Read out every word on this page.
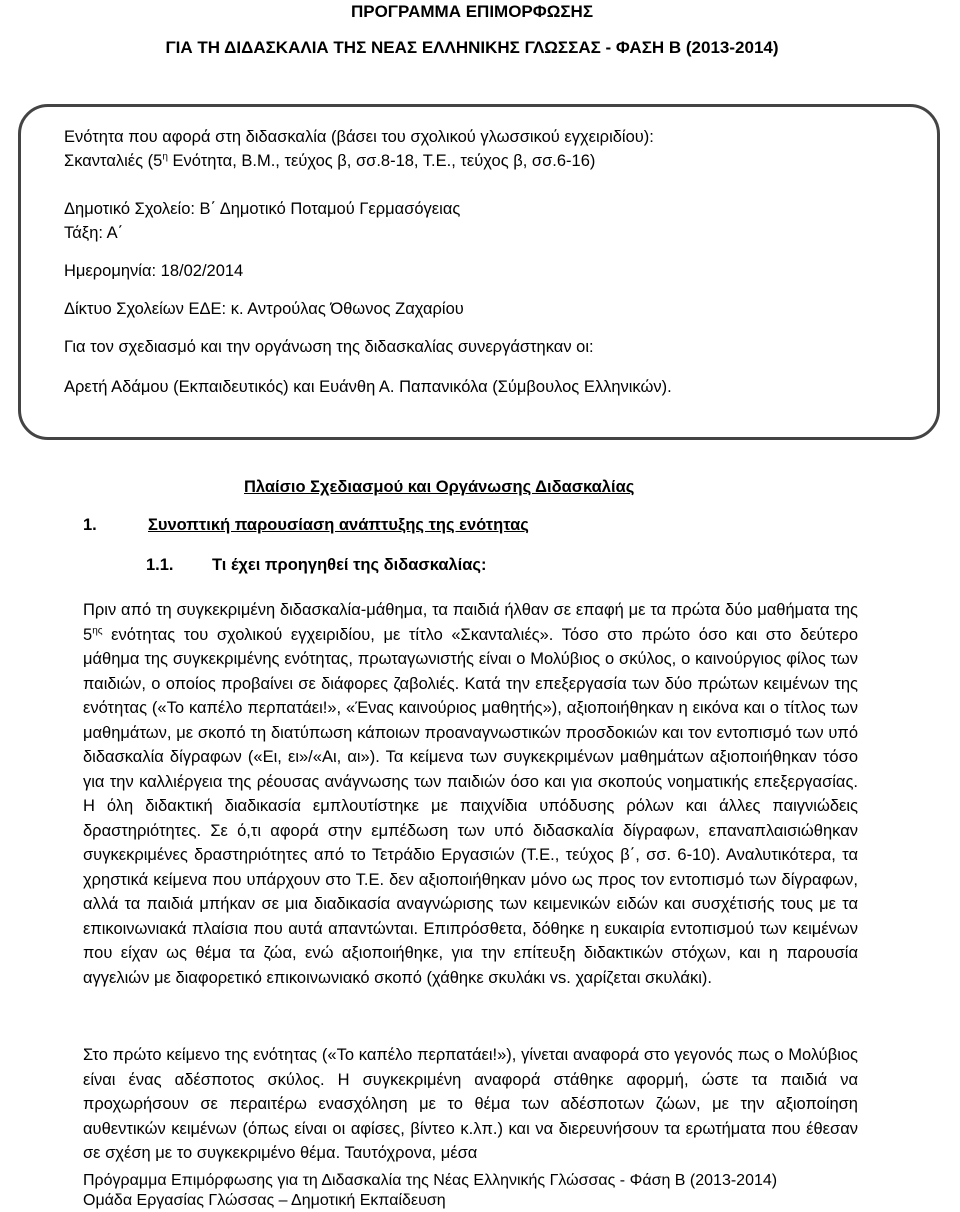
ΠΡΟΓΡΑΜΜΑ ΕΠΙΜΟΡΦΩΣΗΣ
ΓΙΑ ΤΗ ΔΙΔΑΣΚΑΛΙΑ ΤΗΣ ΝΕΑΣ ΕΛΛΗΝΙΚΗΣ ΓΛΩΣΣΑΣ - ΦΑΣΗ Β (2013-2014)
Ενότητα που αφορά στη διδασκαλία (βάσει του σχολικού γλωσσικού εγχειριδίου):
Σκανταλιές ($5^\eta$ Ενότητα, Β.Μ., τεύχος β, σσ.8-18, Τ.Ε., τεύχος β, σσ.6-16)
Δημοτικό Σχολείο: Β΄ Δημοτικό Ποταμού Γερμασόγειας
Τάξη: Α΄
Ημερομηνία: 18/02/2014
Δίκτυο Σχολείων ΕΔΕ: κ. Αντρούλας Όθωνος Ζαχαρίου
Για τον σχεδιασμό και την οργάνωση της διδασκαλίας συνεργάστηκαν οι:
Αρετή Αδάμου (Εκπαιδευτικός) και Ευάνθη Α. Παπανικόλα (Σύμβουλος Ελληνικών).
Πλαίσιο Σχεδιασμού και Οργάνωσης Διδασκαλίας
1.	Συνοπτική παρουσίαση ανάπτυξης της ενότητας
1.1. Τι έχει προηγηθεί της διδασκαλίας:

Πριν από τη συγκεκριμένη διδασκαλία-μάθημα, τα παιδιά ήλθαν σε επαφή με τα πρώτα δύο μαθήματα της $5^{\eta\varsigma}$ ενότητας του σχολικού εγχειριδίου, με τίτλο «Σκανταλιές». Τόσο στο πρώτο όσο και στο δεύτερο μάθημα της συγκεκριμένης ενότητας, πρωταγωνιστής είναι ο Μολύβιος ο σκύλος, ο καινούργιος φίλος των παιδιών, ο οποίος προβαίνει σε διάφορες ζαβολιές. Κατά την επεξεργασία των δύο πρώτων κειμένων της ενότητας («Το καπέλο περπατάει!», «Ένας καινούριος μαθητής»), αξιοποιήθηκαν η εικόνα και ο τίτλος των μαθημάτων, με σκοπό τη διατύπωση κάποιων προαναγνωστικών προσδοκιών και τον εντοπισμό των υπό διδασκαλία δίγραφων («Ει, ει»/«Αι, αι»). Τα κείμενα των συγκεκριμένων μαθημάτων αξιοποιήθηκαν τόσο για την καλλιέργεια της ρέουσας ανάγνωσης των παιδιών όσο και για σκοπούς νοηματικής επεξεργασίας. Η όλη διδακτική διαδικασία εμπλουτίστηκε με παιχνίδια υπόδυσης ρόλων και άλλες παιγνιώδεις δραστηριότητες. Σε ό,τι αφορά στην εμπέδωση των υπό διδασκαλία δίγραφων, επαναπλαισιώθηκαν συγκεκριμένες δραστηριότητες από το Τετράδιο Εργασιών (Τ.Ε., τεύχος β΄, σσ. 6-10). Αναλυτικότερα, τα χρηστικά κείμενα που υπάρχουν στο Τ.Ε. δεν αξιοποιήθηκαν μόνο ως προς τον εντοπισμό των δίγραφων, αλλά τα παιδιά μπήκαν σε μια διαδικασία αναγνώρισης των κειμενικών ειδών και συσχέτισής τους με τα επικοινωνιακά πλαίσια που αυτά απαντώνται. Επιπρόσθετα, δόθηκε η ευκαιρία εντοπισμού των κειμένων που είχαν ως θέμα τα ζώα, ενώ αξιοποιήθηκε, για την επίτευξη διδακτικών στόχων, και η παρουσία αγγελιών με διαφορετικό επικοινωνιακό σκοπό (χάθηκε σκυλάκι vs. χαρίζεται σκυλάκι).

Στο πρώτο κείμενο της ενότητας («Το καπέλο περπατάει!»), γίνεται αναφορά στο γεγονός πως ο Μολύβιος είναι ένας αδέσποτος σκύλος. Η συγκεκριμένη αναφορά στάθηκε αφορμή, ώστε τα παιδιά να προχωρήσουν σε περαιτέρω ενασχόληση με το θέμα των αδέσποτων ζώων, με την αξιοποίηση αυθεντικών κειμένων (όπως είναι οι αφίσες, βίντεο κ.λπ.) και να διερευνήσουν τα ερωτήματα που έθεσαν σε σχέση με το συγκεκριμένο θέμα. Ταυτόχρονα, μέσα

Πρόγραμμα Επιμόρφωσης για τη Διδασκαλία της Νέας Ελληνικής Γλώσσας - Φάση Β (2013-2014)
Ομάδα Εργασίας Γλώσσας – Δημοτική Εκπαίδευση
